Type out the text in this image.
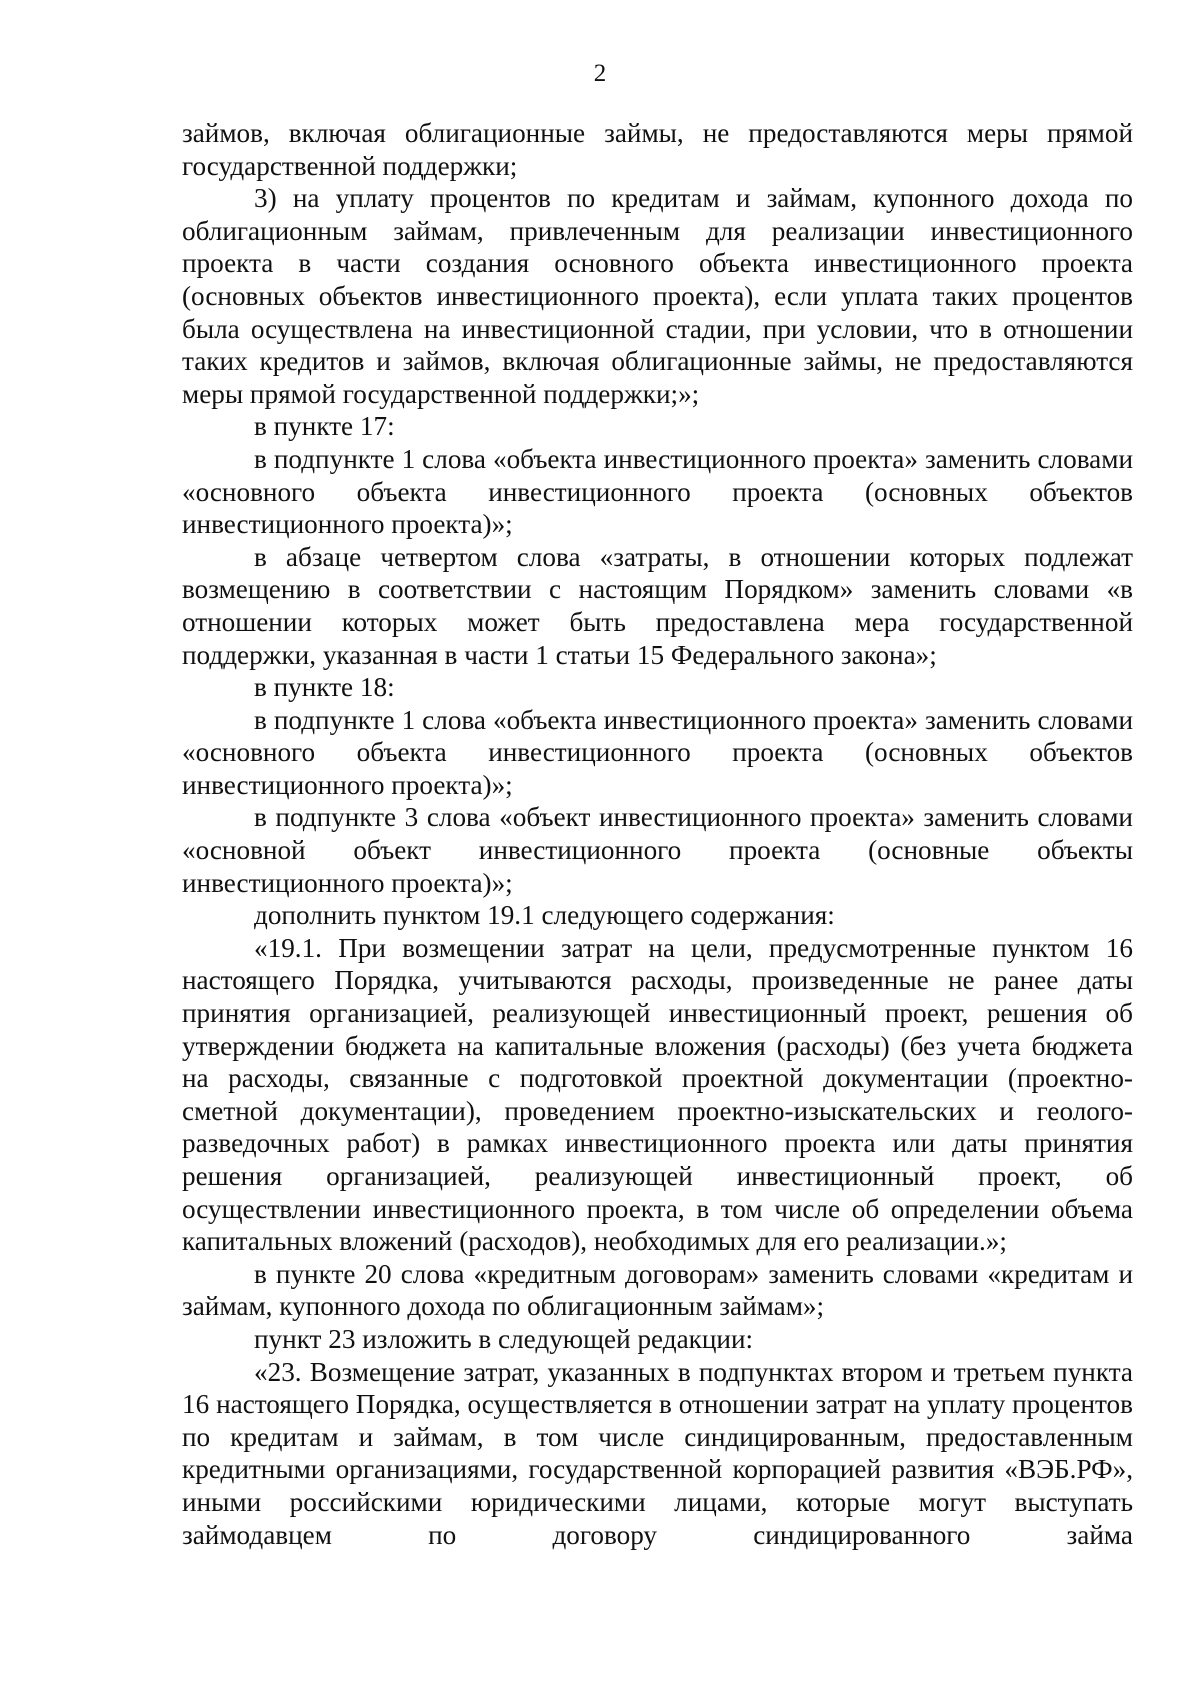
2

займов, включая облигационные займы, не предоставляются меры прямой государственной поддержки;

3) на уплату процентов по кредитам и займам, купонного дохода по облигационным займам, привлеченным для реализации инвестиционного проекта в части создания основного объекта инвестиционного проекта (основных объектов инвестиционного проекта), если уплата таких процентов была осуществлена на инвестиционной стадии, при условии, что в отношении таких кредитов и займов, включая облигационные займы, не предоставляются меры прямой государственной поддержки;»;

в пункте 17:

в подпункте 1 слова «объекта инвестиционного проекта» заменить словами «основного объекта инвестиционного проекта (основных объектов инвестиционного проекта)»;

в абзаце четвертом слова «затраты, в отношении которых подлежат возмещению в соответствии с настоящим Порядком» заменить словами «в отношении которых может быть предоставлена мера государственной поддержки, указанная в части 1 статьи 15 Федерального закона»;

в пункте 18:

в подпункте 1 слова «объекта инвестиционного проекта» заменить словами «основного объекта инвестиционного проекта (основных объектов инвестиционного проекта)»;

в подпункте 3 слова «объект инвестиционного проекта» заменить словами «основной объект инвестиционного проекта (основные объекты инвестиционного проекта)»;

дополнить пунктом 19.1 следующего содержания:

«19.1. При возмещении затрат на цели, предусмотренные пунктом 16 настоящего Порядка, учитываются расходы, произведенные не ранее даты принятия организацией, реализующей инвестиционный проект, решения об утверждении бюджета на капитальные вложения (расходы) (без учета бюджета на расходы, связанные с подготовкой проектной документации (проектно-сметной документации), проведением проектно-изыскательских и геолого-разведочных работ) в рамках инвестиционного проекта или даты принятия решения организацией, реализующей инвестиционный проект, об осуществлении инвестиционного проекта, в том числе об определении объема капитальных вложений (расходов), необходимых для его реализации.»;

в пункте 20 слова «кредитным договорам» заменить словами «кредитам и займам, купонного дохода по облигационным займам»;

пункт 23 изложить в следующей редакции:

«23. Возмещение затрат, указанных в подпунктах втором и третьем пункта 16 настоящего Порядка, осуществляется в отношении затрат на уплату процентов по кредитам и займам, в том числе синдицированным, предоставленным кредитными организациями, государственной корпорацией развития «ВЭБ.РФ», иными российскими юридическими лицами, которые могут выступать займодавцем по договору синдицированного займа
